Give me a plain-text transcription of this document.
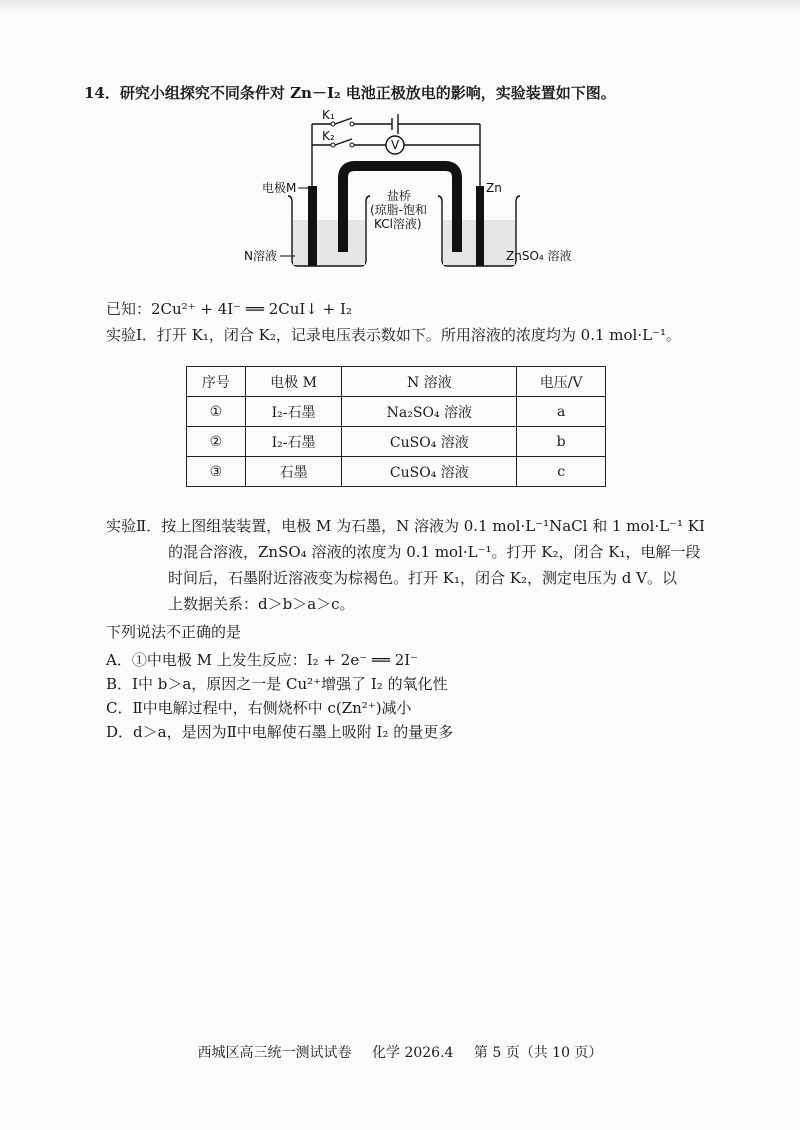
14．研究小组探究不同条件对 Zn－I₂ 电池正极放电的影响，实验装置如下图。
V
K₁
K₂
电极M	Zn
盐桥
(琼脂-饱和
KCl溶液)
N溶液	ZnSO₄ 溶液
已知：2Cu²⁺ + 4I⁻ ══ 2CuI↓ + I₂
实验Ⅰ．打开 K₁，闭合 K₂，记录电压表示数如下。所用溶液的浓度均为 0.1 mol·L⁻¹。
序号	电极 M	N 溶液	电压/V
①	I₂-石墨	Na₂SO₄ 溶液	a
②	I₂-石墨	CuSO₄ 溶液	b
③	石墨	CuSO₄ 溶液	c
实验Ⅱ．按上图组装装置，电极 M 为石墨，N 溶液为 0.1 mol·L⁻¹NaCl 和 1 mol·L⁻¹ KI
的混合溶液，ZnSO₄ 溶液的浓度为 0.1 mol·L⁻¹。打开 K₂，闭合 K₁，电解一段
时间后，石墨附近溶液变为棕褐色。打开 K₁，闭合 K₂，测定电压为 d V。以
上数据关系：d＞b＞a＞c。
下列说法不正确的是
A．①中电极 M 上发生反应：I₂ + 2e⁻ ══ 2I⁻
B．Ⅰ中 b＞a，原因之一是 Cu²⁺增强了 I₂ 的氧化性
C．Ⅱ中电解过程中，右侧烧杯中 c(Zn²⁺)减小
D．d＞a，是因为Ⅱ中电解使石墨上吸附 I₂ 的量更多
西城区高三统一测试试卷 化学 2026.4 第 5 页（共 10 页）
